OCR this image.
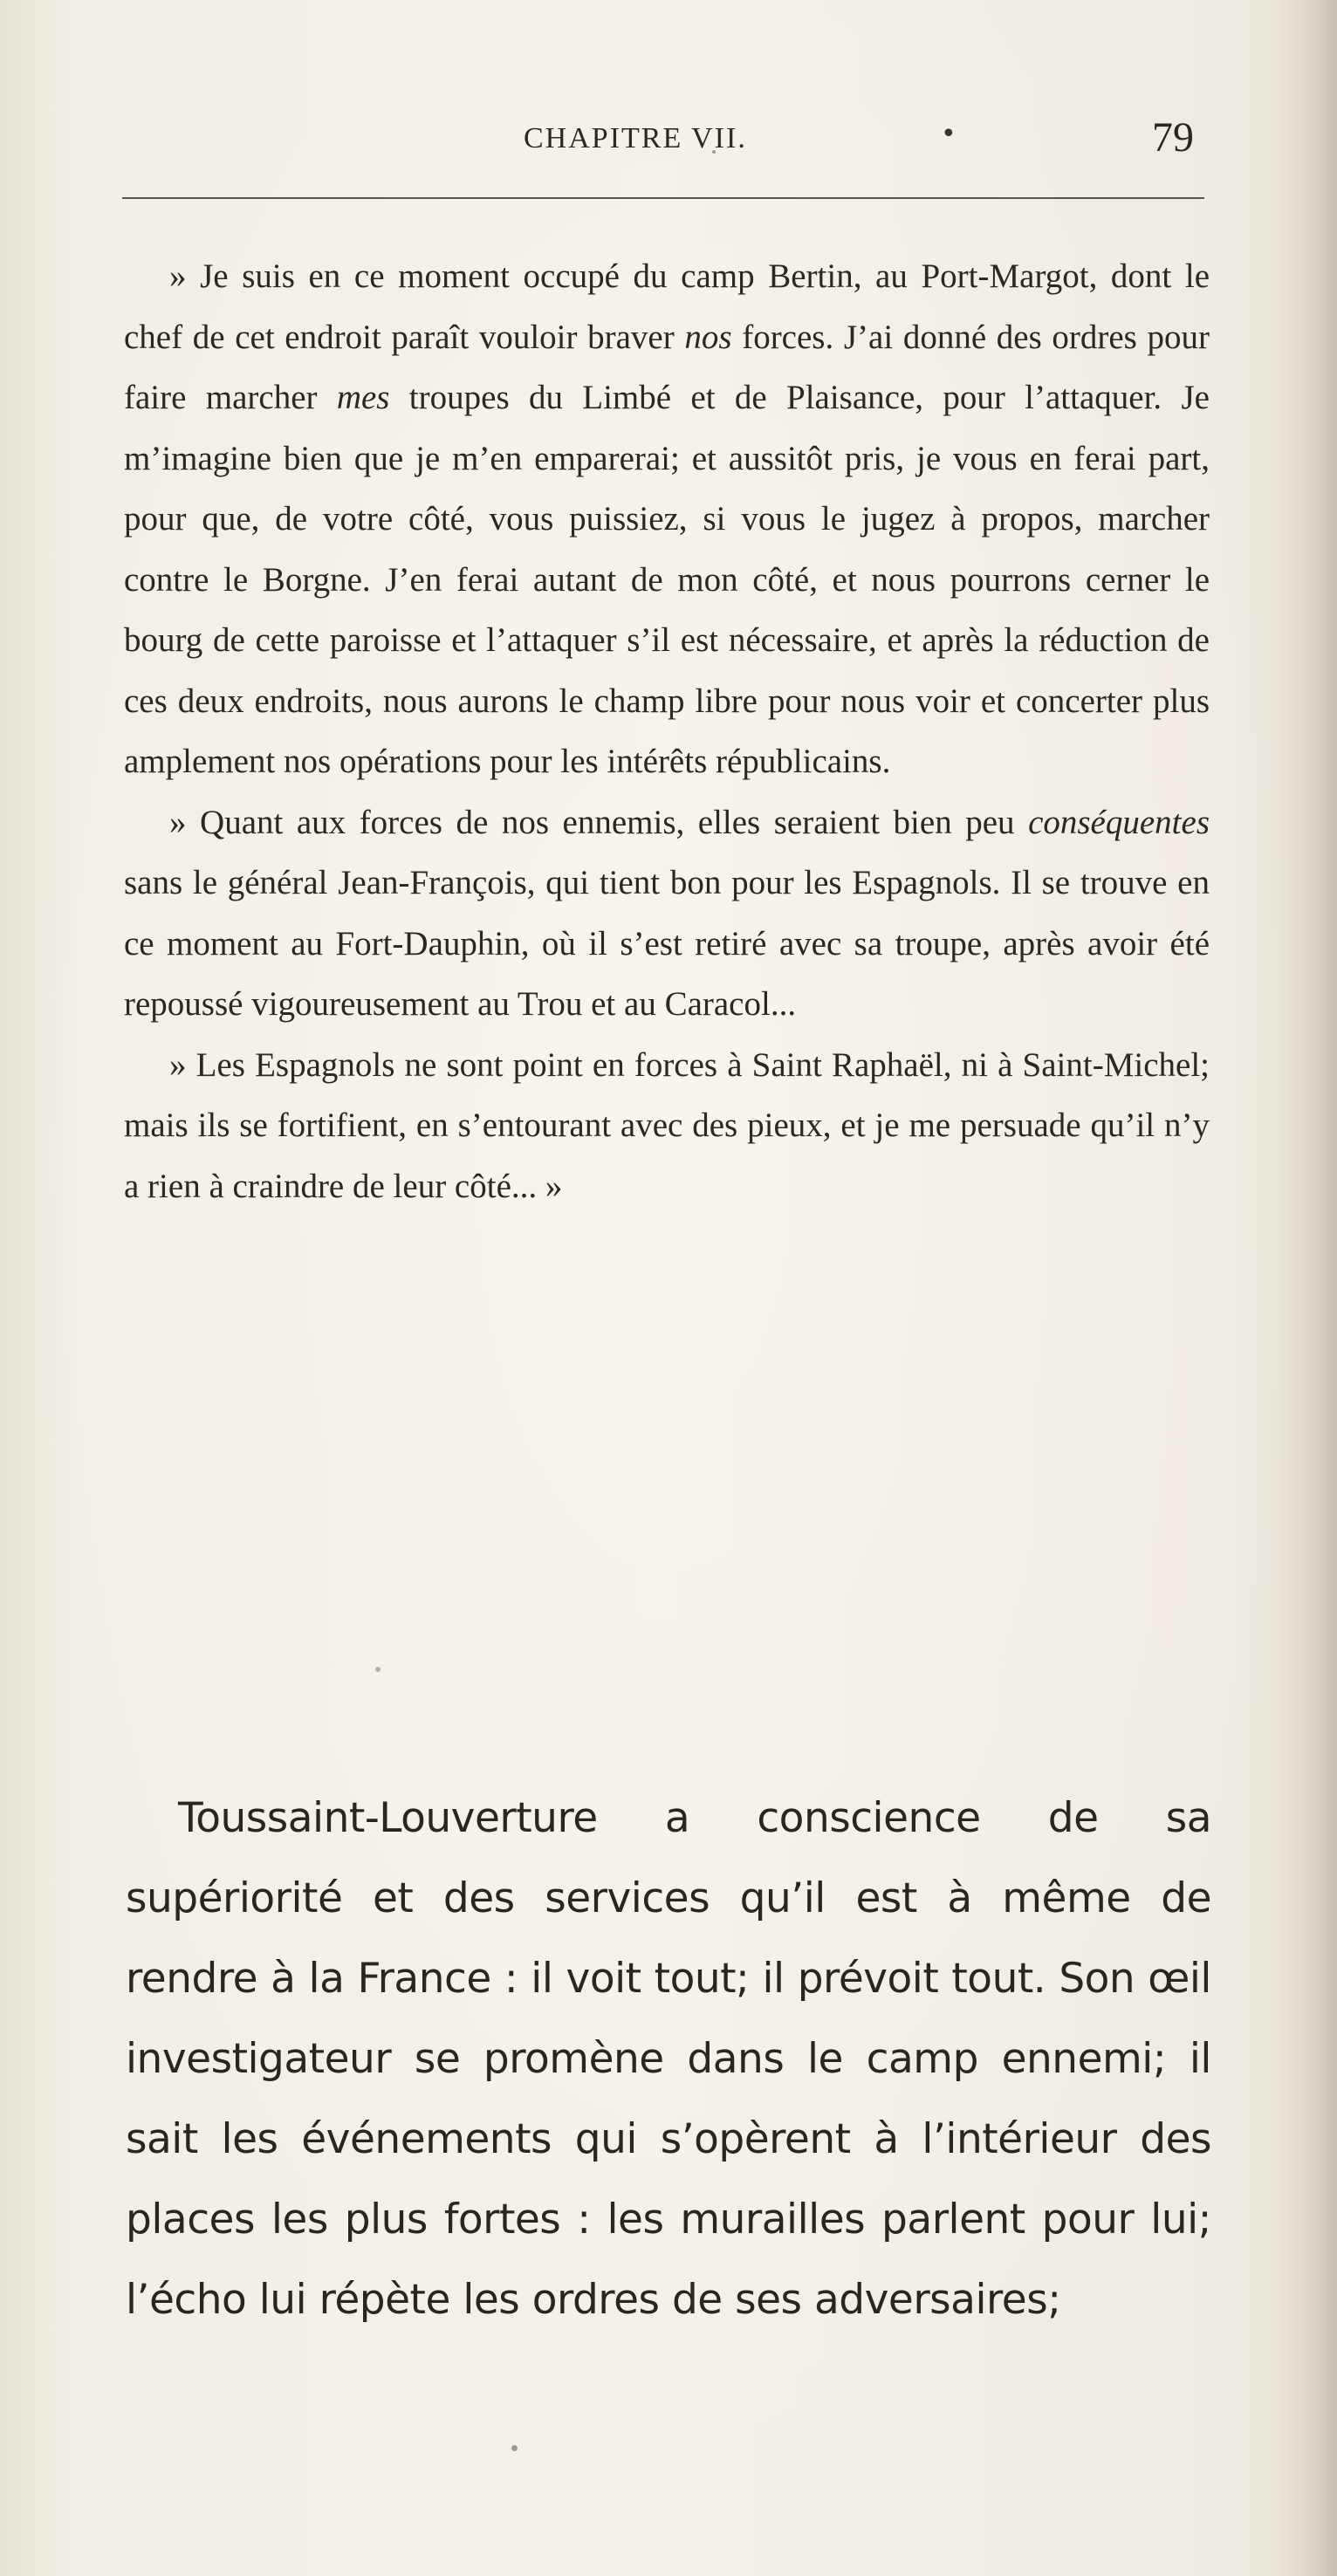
CHAPITRE VII.	•	79

» Je suis en ce moment occupé du camp Bertin, au Port-Margot, dont le chef de cet endroit paraît vouloir braver nos forces. J’ai donné des ordres pour faire marcher mes troupes du Limbé et de Plaisance, pour l’attaquer. Je m’imagine bien que je m’en emparerai; et aussitôt pris, je vous en ferai part, pour que, de votre côté, vous puissiez, si vous le jugez à propos, marcher contre le Borgne. J’en ferai autant de mon côté, et nous pourrons cerner le bourg de cette paroisse et l’attaquer s’il est nécessaire, et après la réduction de ces deux endroits, nous aurons le champ libre pour nous voir et concerter plus amplement nos opérations pour les intérêts républicains.

» Quant aux forces de nos ennemis, elles seraient bien peu conséquentes sans le général Jean-François, qui tient bon pour les Espagnols. Il se trouve en ce moment au Fort-Dauphin, où il s’est retiré avec sa troupe, après avoir été repoussé vigoureusement au Trou et au Caracol...

» Les Espagnols ne sont point en forces à Saint Raphaël, ni à Saint-Michel; mais ils se fortifient, en s’entourant avec des pieux, et je me persuade qu’il n’y a rien à craindre de leur côté... »

Toussaint-Louverture a conscience de sa supériorité et des services qu’il est à même de rendre à la France : il voit tout; il prévoit tout. Son œil investigateur se promène dans le camp ennemi; il sait les événements qui s’opèrent à l’intérieur des places les plus fortes : les murailles parlent pour lui; l’écho lui répète les ordres de ses adversaires;
